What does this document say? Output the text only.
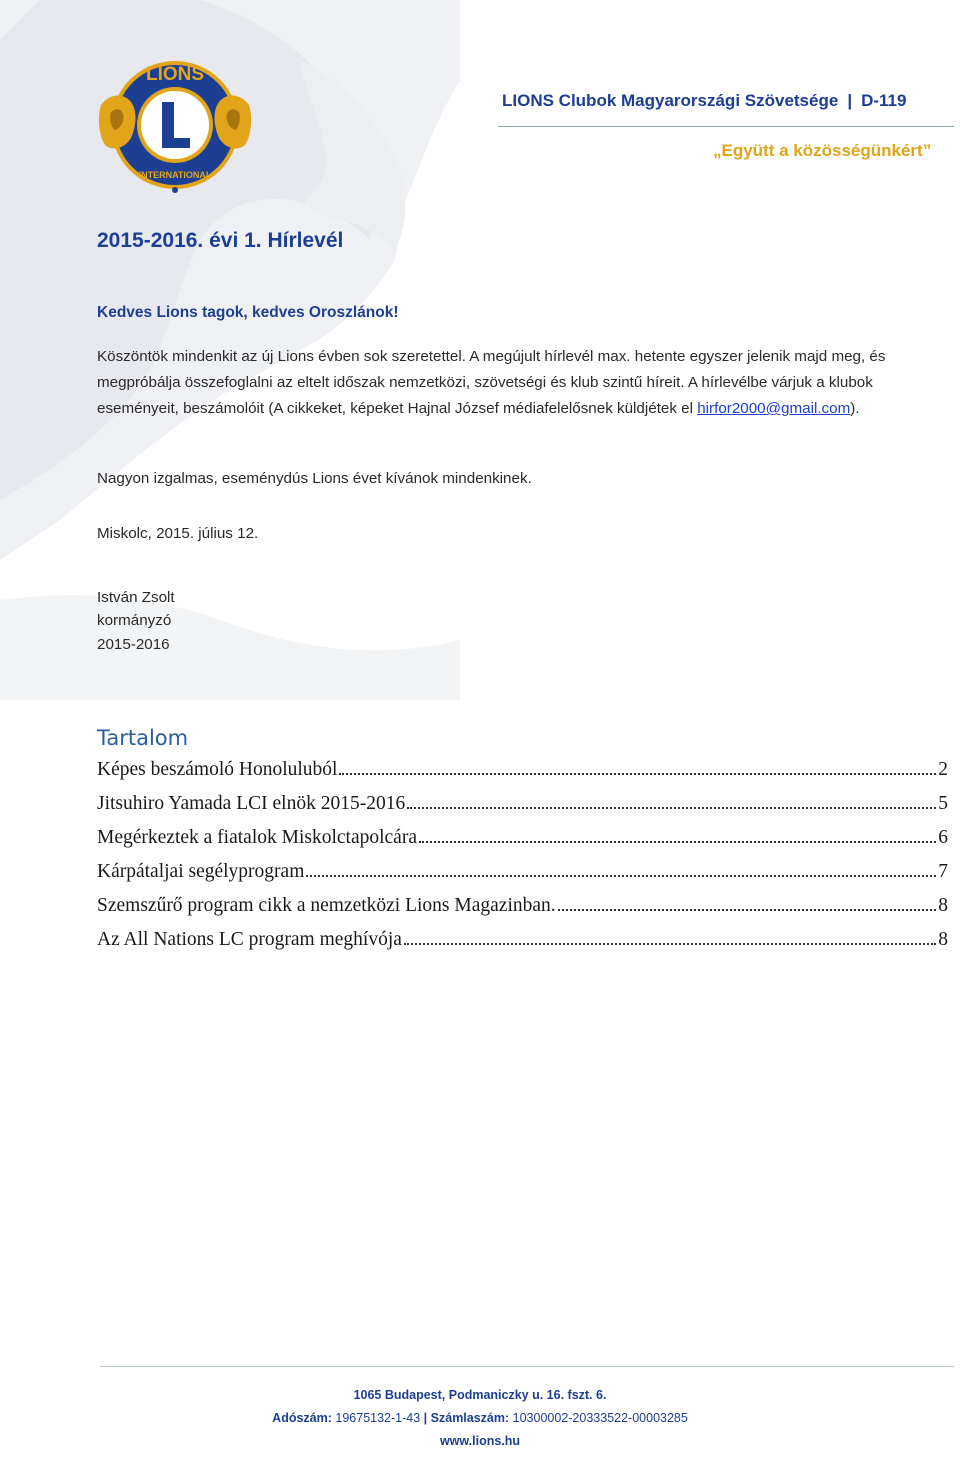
LIONS
INTERNATIONAL
LIONS Clubok Magyarországi Szövetsége | D-119
„Együtt a közösségünkért”
2015-2016. évi 1. Hírlevél
Kedves Lions tagok, kedves Oroszlánok!
Köszöntök mindenkit az új Lions évben sok szeretettel. A megújult hírlevél max. hetente egyszer jelenik majd meg, és megpróbálja összefoglalni az eltelt időszak nemzetközi, szövetségi és klub szintű híreit. A hírlevélbe várjuk a klubok eseményeit, beszámolóit (A cikkeket, képeket Hajnal József médiafelelősnek küldjétek el hirfor2000@gmail.com).
Nagyon izgalmas, eseménydús Lions évet kívánok mindenkinek.
Miskolc, 2015. július 12.
István Zsolt
kormányzó
2015-2016
Tartalom
Képes beszámoló Honoluluból	2
Jitsuhiro Yamada LCI elnök 2015-2016	5
Megérkeztek a fiatalok Miskolctapolcára	6
Kárpátaljai segélyprogram	7
Szemszűrő program cikk a nemzetközi Lions Magazinban.	8
Az All Nations LC program meghívója	8
1065 Budapest, Podmaniczky u. 16. fszt. 6.
Adószám: 19675132-1-43 | Számlaszám: 10300002-20333522-00003285
www.lions.hu
